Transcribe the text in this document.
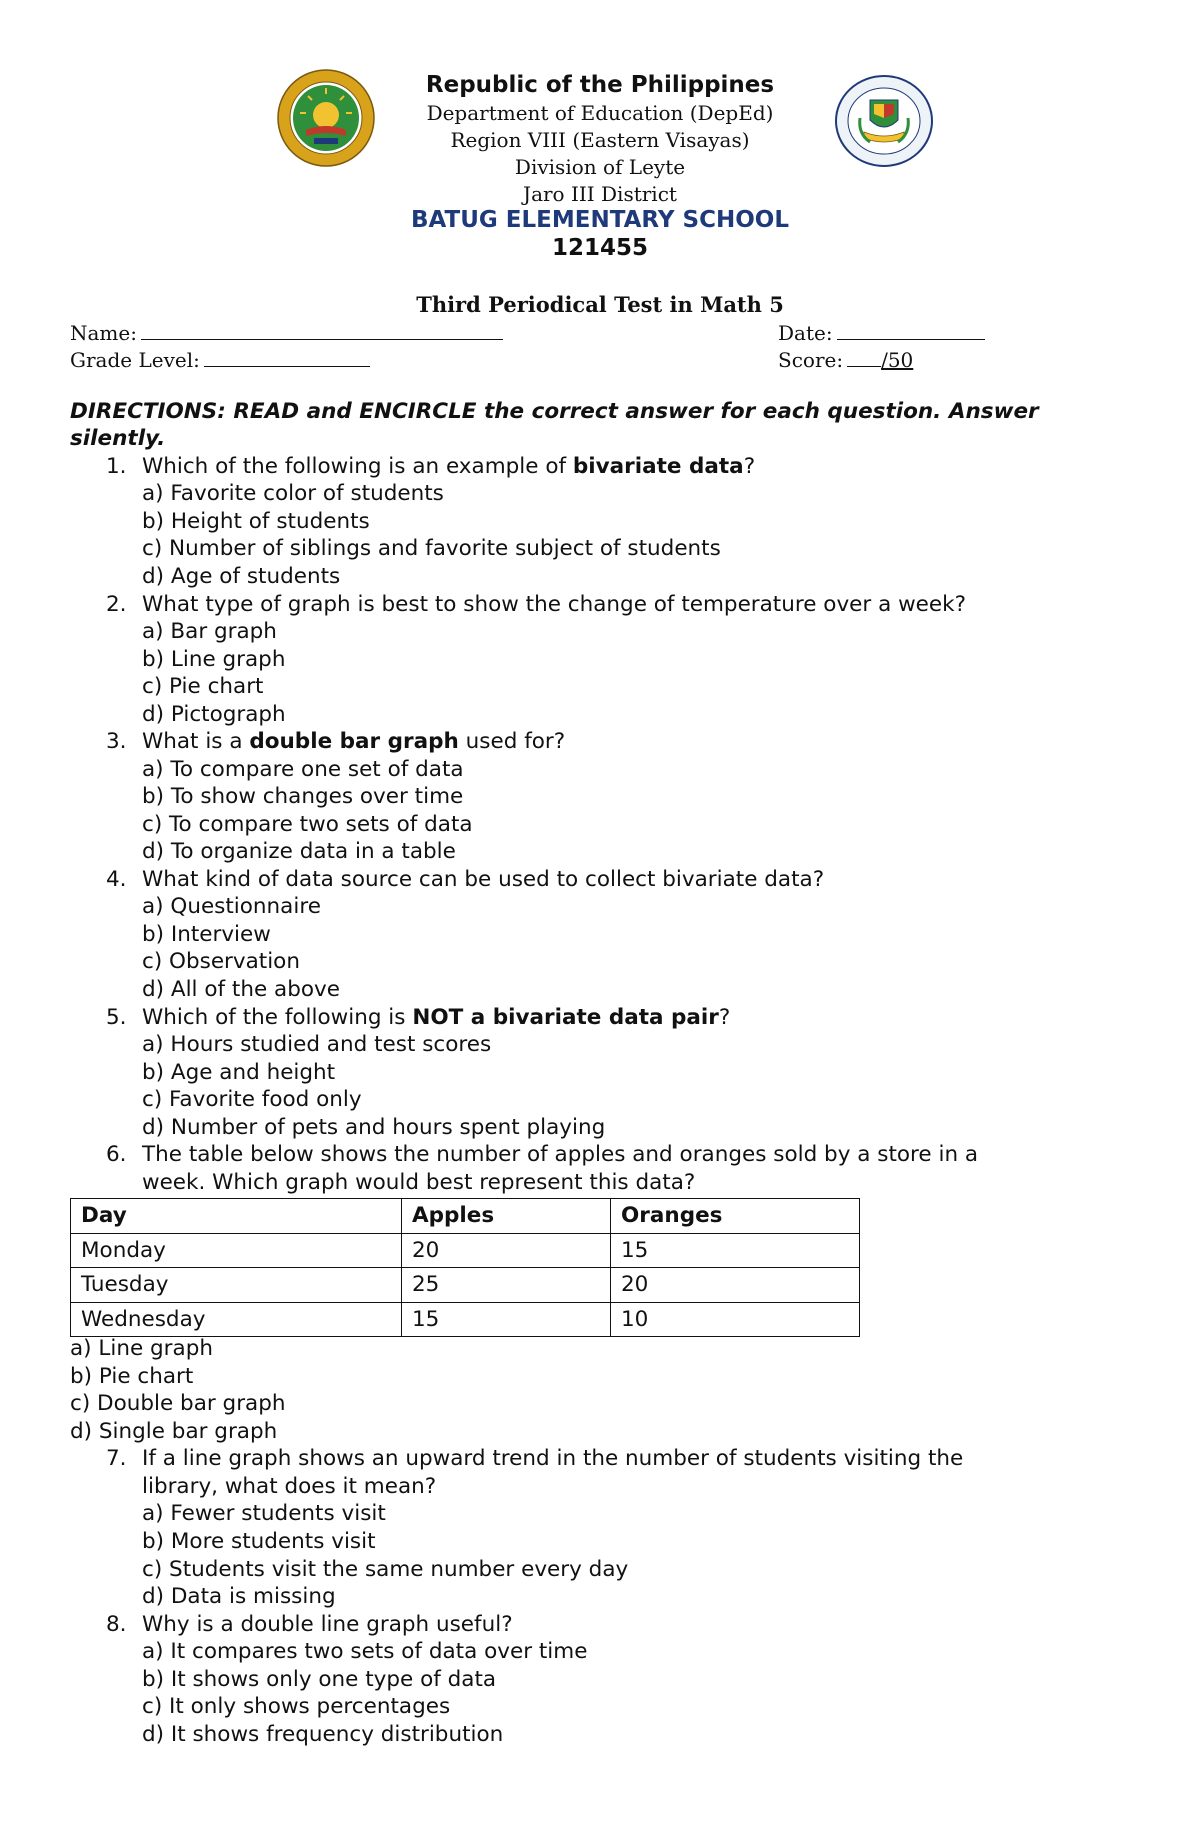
Republic of the Philippines
Department of Education (DepEd)
Region VIII (Eastern Visayas)
Division of Leyte
Jaro III District
BATUG ELEMENTARY SCHOOL
121455
Third Periodical Test in Math 5
Name:	Date:
Grade Level:	Score: /50
DIRECTIONS: READ and ENCIRCLE the correct answer for each question. Answer silently.
1. Which of the following is an example of bivariate data?
a) Favorite color of students
b) Height of students
c) Number of siblings and favorite subject of students
d) Age of students
2. What type of graph is best to show the change of temperature over a week?
a) Bar graph
b) Line graph
c) Pie chart
d) Pictograph
3. What is a double bar graph used for?
a) To compare one set of data
b) To show changes over time
c) To compare two sets of data
d) To organize data in a table
4. What kind of data source can be used to collect bivariate data?
a) Questionnaire
b) Interview
c) Observation
d) All of the above
5. Which of the following is NOT a bivariate data pair?
a) Hours studied and test scores
b) Age and height
c) Favorite food only
d) Number of pets and hours spent playing
6. The table below shows the number of apples and oranges sold by a store in a
week. Which graph would best represent this data?
Day	Apples	Oranges
Monday	20	15
Tuesday	25	20
Wednesday	15	10
a) Line graph
b) Pie chart
c) Double bar graph
d) Single bar graph
7. If a line graph shows an upward trend in the number of students visiting the
library, what does it mean?
a) Fewer students visit
b) More students visit
c) Students visit the same number every day
d) Data is missing
8. Why is a double line graph useful?
a) It compares two sets of data over time
b) It shows only one type of data
c) It only shows percentages
d) It shows frequency distribution
